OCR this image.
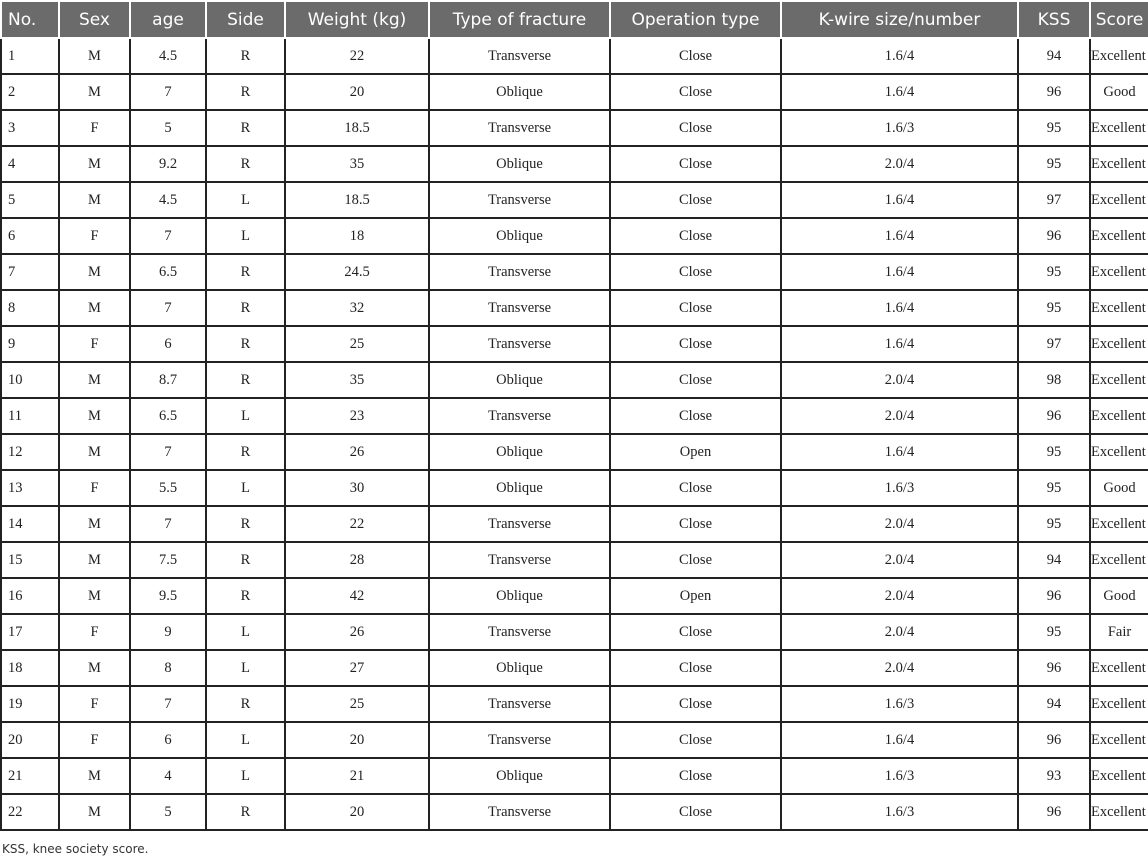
No.	Sex	age	Side	Weight (kg)	Type of fracture	Operation type	K-wire size/number	KSS	Score
1	M	4.5	R	22	Transverse	Close	1.6/4	94	Excellent
2	M	7	R	20	Oblique	Close	1.6/4	96	Good
3	F	5	R	18.5	Transverse	Close	1.6/3	95	Excellent
4	M	9.2	R	35	Oblique	Close	2.0/4	95	Excellent
5	M	4.5	L	18.5	Transverse	Close	1.6/4	97	Excellent
6	F	7	L	18	Oblique	Close	1.6/4	96	Excellent
7	M	6.5	R	24.5	Transverse	Close	1.6/4	95	Excellent
8	M	7	R	32	Transverse	Close	1.6/4	95	Excellent
9	F	6	R	25	Transverse	Close	1.6/4	97	Excellent
10	M	8.7	R	35	Oblique	Close	2.0/4	98	Excellent
11	M	6.5	L	23	Transverse	Close	2.0/4	96	Excellent
12	M	7	R	26	Oblique	Open	1.6/4	95	Excellent
13	F	5.5	L	30	Oblique	Close	1.6/3	95	Good
14	M	7	R	22	Transverse	Close	2.0/4	95	Excellent
15	M	7.5	R	28	Transverse	Close	2.0/4	94	Excellent
16	M	9.5	R	42	Oblique	Open	2.0/4	96	Good
17	F	9	L	26	Transverse	Close	2.0/4	95	Fair
18	M	8	L	27	Oblique	Close	2.0/4	96	Excellent
19	F	7	R	25	Transverse	Close	1.6/3	94	Excellent
20	F	6	L	20	Transverse	Close	1.6/4	96	Excellent
21	M	4	L	21	Oblique	Close	1.6/3	93	Excellent
22	M	5	R	20	Transverse	Close	1.6/3	96	Excellent
KSS, knee society score.
